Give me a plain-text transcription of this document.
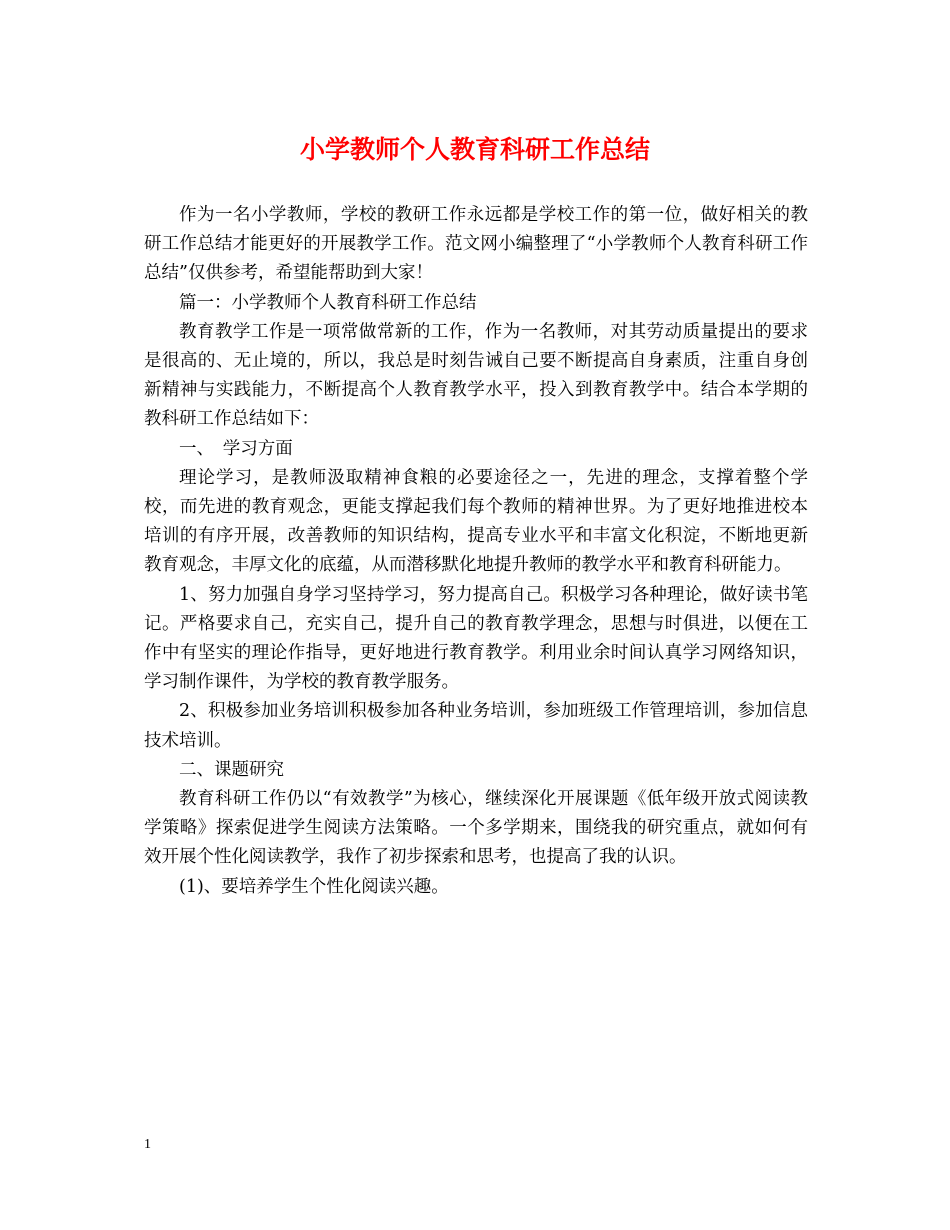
小学教师个人教育科研工作总结

作为一名小学教师，学校的教研工作永远都是学校工作的第一位，做好相关的教研工作总结才能更好的开展教学工作。范文网小编整理了“小学教师个人教育科研工作总结”仅供参考，希望能帮助到大家！

篇一：小学教师个人教育科研工作总结

教育教学工作是一项常做常新的工作，作为一名教师，对其劳动质量提出的要求是很高的、无止境的，所以，我总是时刻告诫自己要不断提高自身素质，注重自身创新精神与实践能力，不断提高个人教育教学水平，投入到教育教学中。结合本学期的教科研工作总结如下：

一、　学习方面

理论学习，是教师汲取精神食粮的必要途径之一，先进的理念，支撑着整个学校，而先进的教育观念，更能支撑起我们每个教师的精神世界。为了更好地推进校本培训的有序开展，改善教师的知识结构，提高专业水平和丰富文化积淀，不断地更新教育观念，丰厚文化的底蕴，从而潜移默化地提升教师的教学水平和教育科研能力。

1、努力加强自身学习坚持学习，努力提高自己。积极学习各种理论，做好读书笔记。严格要求自己，充实自己，提升自己的教育教学理念，思想与时俱进，以便在工作中有坚实的理论作指导，更好地进行教育教学。利用业余时间认真学习网络知识，学习制作课件，为学校的教育教学服务。

2、积极参加业务培训积极参加各种业务培训，参加班级工作管理培训，参加信息技术培训。

二、课题研究

教育科研工作仍以“有效教学”为核心，继续深化开展课题《低年级开放式阅读教学策略》探索促进学生阅读方法策略。一个多学期来，围绕我的研究重点，就如何有效开展个性化阅读教学，我作了初步探索和思考，也提高了我的认识。

(1)、要培养学生个性化阅读兴趣。

1
